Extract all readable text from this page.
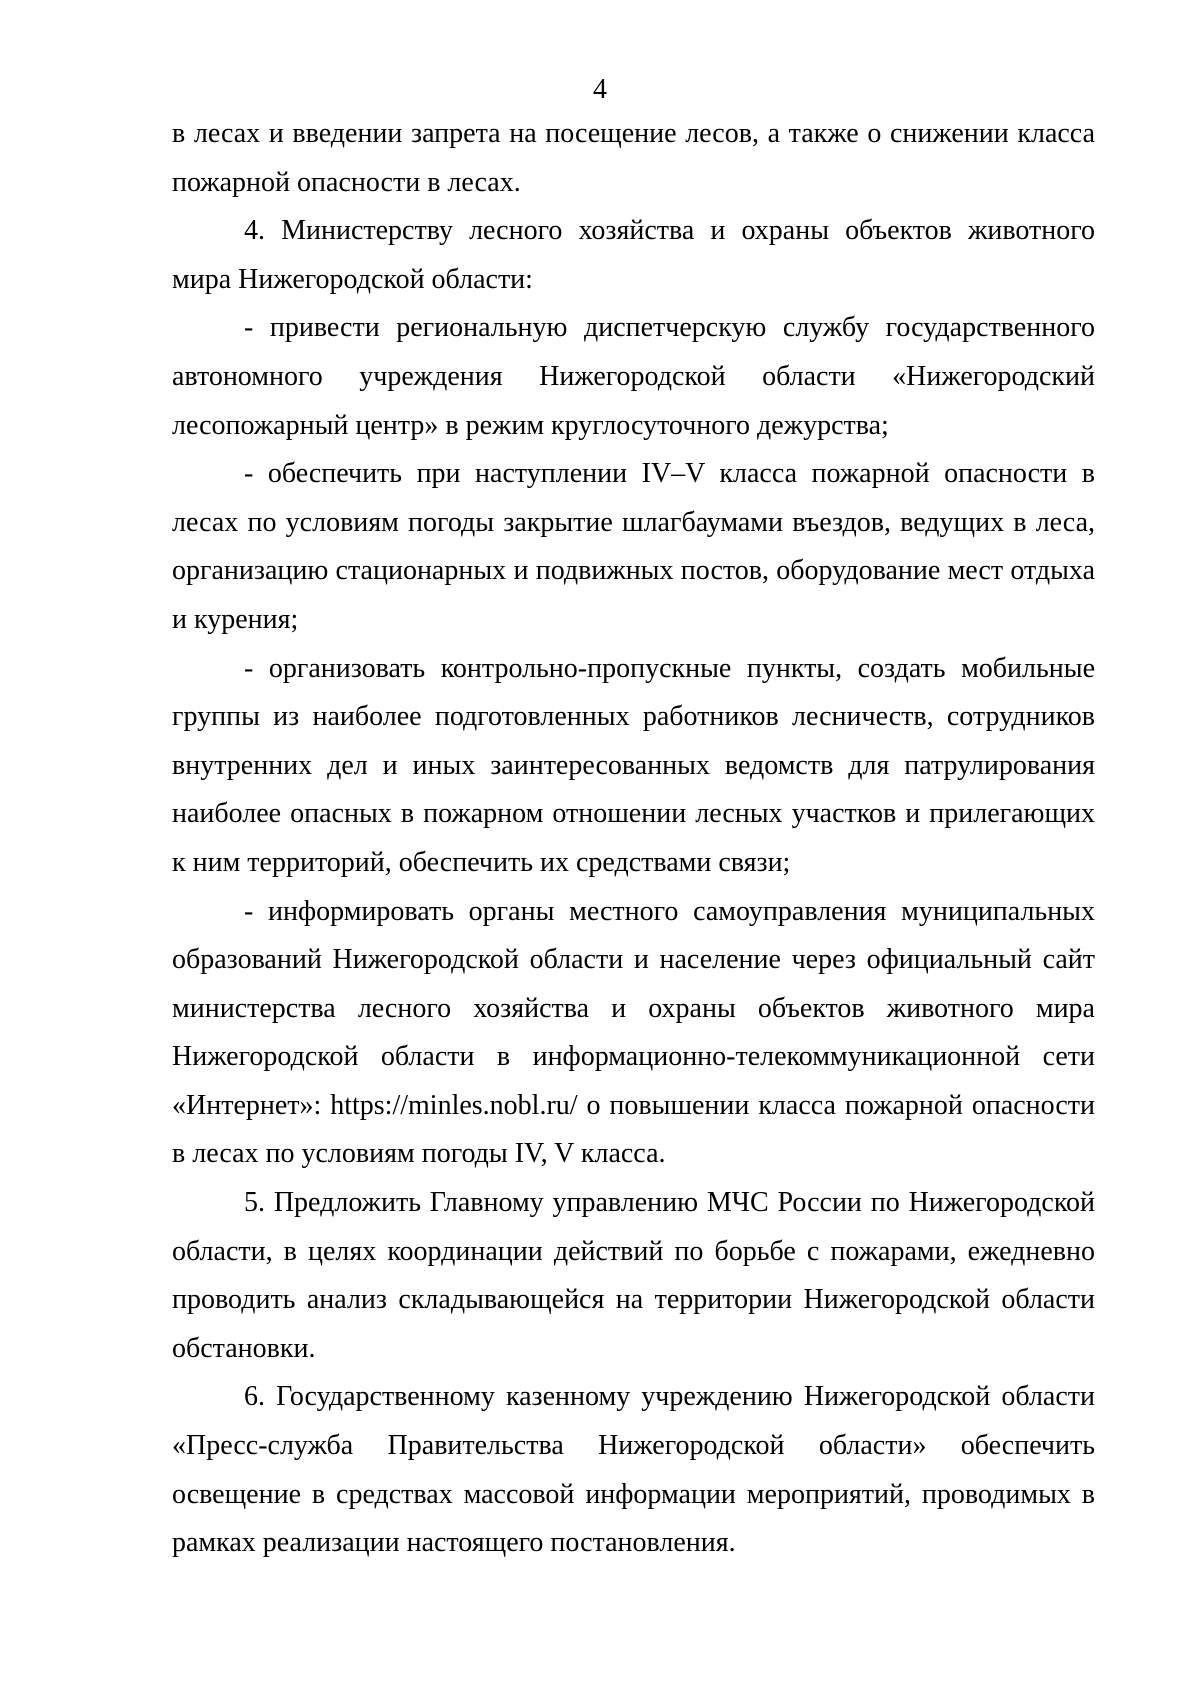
4

в лесах и введении запрета на посещение лесов, а также о снижении класса пожарной опасности в лесах.

4. Министерству лесного хозяйства и охраны объектов животного мира Нижегородской области:

- привести региональную диспетчерскую службу государственного автономного учреждения Нижегородской области «Нижегородский лесопожарный центр» в режим круглосуточного дежурства;

- обеспечить при наступлении IV–V класса пожарной опасности в лесах по условиям погоды закрытие шлагбаумами въездов, ведущих в леса, организацию стационарных и подвижных постов, оборудование мест отдыха и курения;

- организовать контрольно-пропускные пункты, создать мобильные группы из наиболее подготовленных работников лесничеств, сотрудников внутренних дел и иных заинтересованных ведомств для патрулирования наиболее опасных в пожарном отношении лесных участков и прилегающих к ним территорий, обеспечить их средствами связи;

- информировать органы местного самоуправления муниципальных образований Нижегородской области и население через официальный сайт министерства лесного хозяйства и охраны объектов животного мира Нижегородской области в информационно-телекоммуникационной сети «Интернет»: https://minles.nobl.ru/ о повышении класса пожарной опасности в лесах по условиям погоды IV, V класса.

5. Предложить Главному управлению МЧС России по Нижегородской области, в целях координации действий по борьбе с пожарами, ежедневно проводить анализ складывающейся на территории Нижегородской области обстановки.

6. Государственному казенному учреждению Нижегородской области «Пресс-служба Правительства Нижегородской области» обеспечить освещение в средствах массовой информации мероприятий, проводимых в рамках реализации настоящего постановления.
